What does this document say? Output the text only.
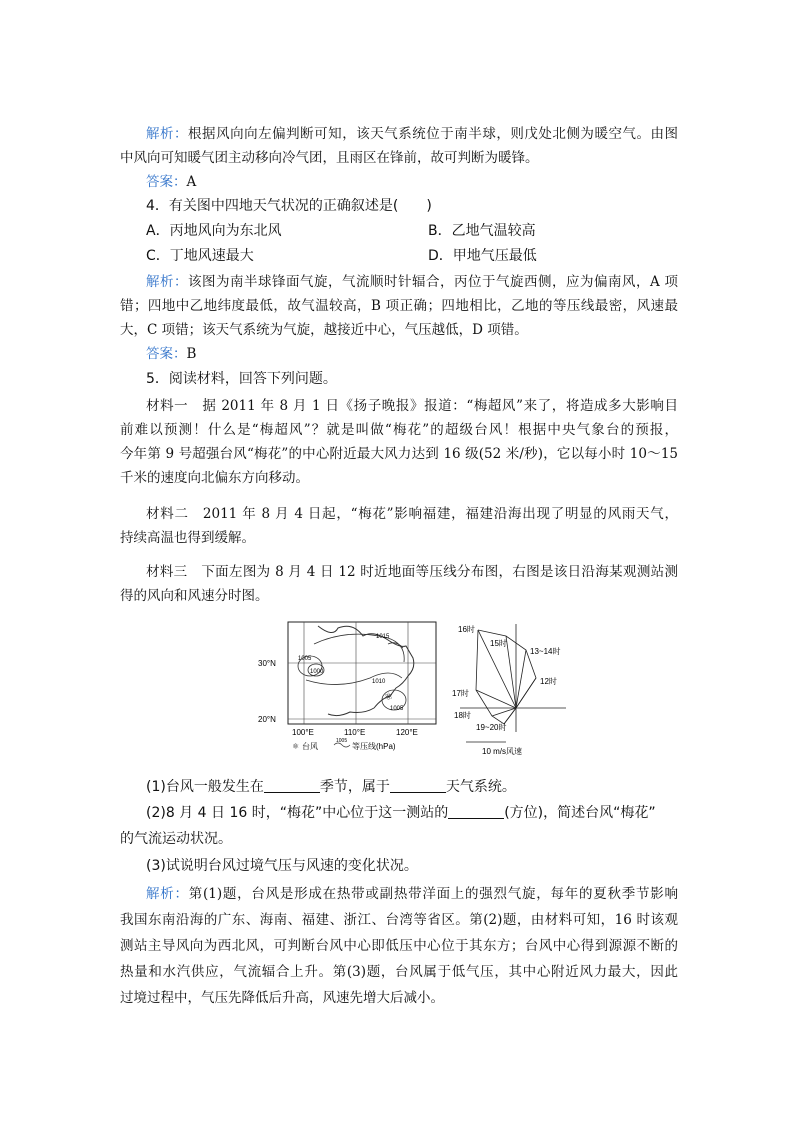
解析：根据风向向左偏判断可知，该天气系统位于南半球，则戊处北侧为暖空气。由图
中风向可知暖气团主动移向冷气团，且雨区在锋前，故可判断为暖锋。
答案：A
4．有关图中四地天气状况的正确叙述是(　　)
A．丙地风向为东北风	B．乙地气温较高
C．丁地风速最大	D．甲地气压最低
解析：该图为南半球锋面气旋，气流顺时针辐合，丙位于气旋西侧，应为偏南风，A 项
错；四地中乙地纬度最低，故气温较高，B 项正确；四地相比，乙地的等压线最密，风速最
大，C 项错；该天气系统为气旋，越接近中心，气压越低，D 项错。
答案：B
5．阅读材料，回答下列问题。
材料一　据 2011 年 8 月 1 日《扬子晚报》报道：“梅超风”来了，将造成多大影响目
前难以预测！什么是“梅超风”？就是叫做“梅花”的超级台风！根据中央气象台的预报，
今年第 9 号超强台风“梅花”的中心附近最大风力达到 16 级(52 米/秒)，它以每小时 10～15
千米的速度向北偏东方向移动。
材料二　2011 年 8 月 4 日起，“梅花”影响福建，福建沿海出现了明显的风雨天气，
持续高温也得到缓解。
材料三　下面左图为 8 月 4 日 12 时近地面等压线分布图，右图是该日沿海某观测站测
得的风向和风速分时图。
⚛
1005
1015
1000
1010
1005
30°N
20°N
100°E	110°E	120°E
⚛ 台风
1005
等压线(hPa)
16时
15时
13~14时
12时
17时
18时
19~20时
10 m/s风速
(1)台风一般发生在	季节，属于	天气系统。
(2)8 月 4 日 16 时，“梅花”中心位于这一测站的	(方位)，简述台风“梅花”
的气流运动状况。
(3)试说明台风过境气压与风速的变化状况。
解析：第(1)题，台风是形成在热带或副热带洋面上的强烈气旋，每年的夏秋季节影响
我国东南沿海的广东、海南、福建、浙江、台湾等省区。第(2)题，由材料可知，16 时该观
测站主导风向为西北风，可判断台风中心即低压中心位于其东方；台风中心得到源源不断的
热量和水汽供应，气流辐合上升。第(3)题，台风属于低气压，其中心附近风力最大，因此
过境过程中，气压先降低后升高，风速先增大后减小。
